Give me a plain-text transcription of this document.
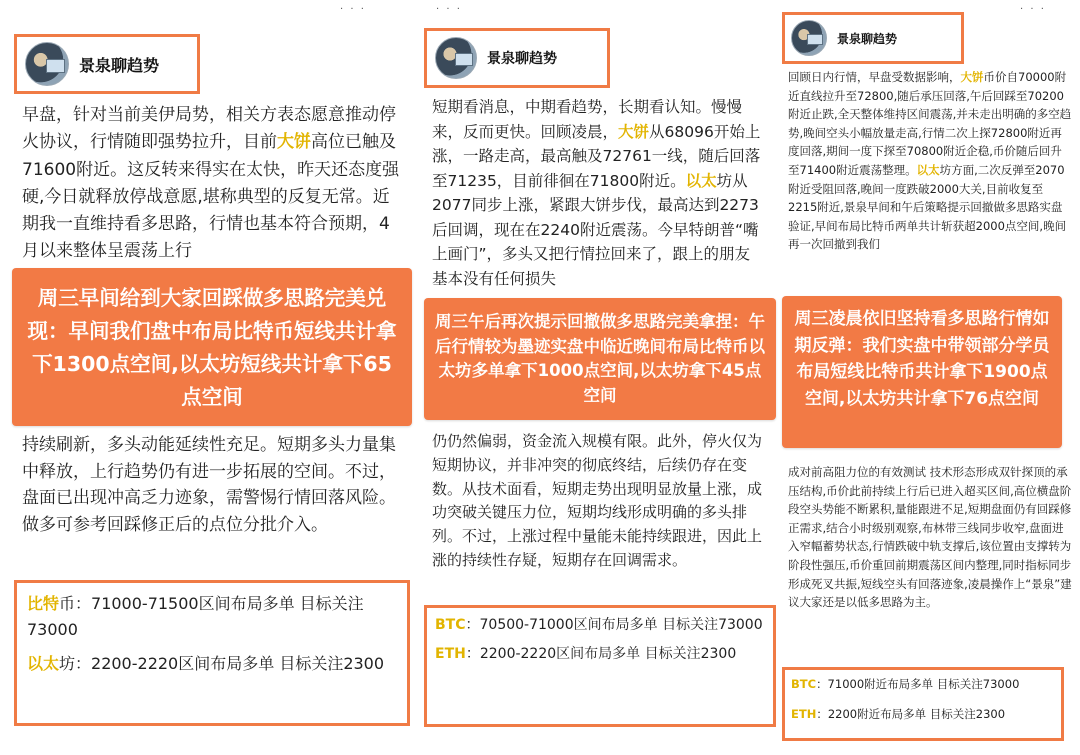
· · ·
景泉聊趋势

早盘，针对当前美伊局势，相关方表态愿意推动停火协议，行情随即强势拉升，目前大饼高位已触及71600附近。这反转来得实在太快，昨天还态度强硬,今日就释放停战意愿,堪称典型的反复无常。近期我一直维持看多思路，行情也基本符合预期，4月以来整体呈震荡上行

周三早间给到大家回踩做多思路完美兑现：早间我们盘中布局比特币短线共计拿下1300点空间,以太坊短线共计拿下65点空间

持续刷新，多头动能延续性充足。短期多头力量集中释放，上行趋势仍有进一步拓展的空间。不过，盘面已出现冲高乏力迹象，需警惕行情回落风险。做多可参考回踩修正后的点位分批介入。

比特币：71000-71500区间布局多单 目标关注73000

以太坊：2200-2220区间布局多单 目标关注2300

· · ·
景泉聊趋势

短期看消息，中期看趋势，长期看认知。慢慢来，反而更快。回顾凌晨，大饼从68096开始上涨，一路走高，最高触及72761一线，随后回落至71235，目前徘徊在71800附近。以太坊从2077同步上涨，紧跟大饼步伐，最高达到2273后回调，现在在2240附近震荡。今早特朗普“嘴上画门”，多头又把行情拉回来了，跟上的朋友基本没有任何损失

周三午后再次提示回撤做多思路完美拿捏：午后行情较为墨迹实盘中临近晚间布局比特币以太坊多单拿下1000点空间,以太坊拿下45点空间

仍仍然偏弱，资金流入规模有限。此外，停火仅为短期协议，并非冲突的彻底终结，后续仍存在变数。从技术面看，短期走势出现明显放量上涨，成功突破关键压力位，短期均线形成明确的多头排列。不过，上涨过程中量能未能持续跟进，因此上涨的持续性存疑，短期存在回调需求。

BTC：70500-71000区间布局多单 目标关注73000

ETH：2200-2220区间布局多单 目标关注2300

· · ·
景泉聊趋势

回顾日内行情，早盘受数据影响，大饼币价自70000附近直线拉升至72800,随后承压回落,午后回踩至70200附近止跌,全天整体维持区间震荡,并未走出明确的多空趋势,晚间空头小幅放量走高,行情二次上探72800附近再度回落,期间一度下探至70800附近企稳,币价随后回升至71400附近震荡整理。以太坊方面,二次反弹至2070附近受阻回落,晚间一度跌破2000大关,目前收复至2215附近,景泉早间和午后策略提示回撤做多思路实盘验证,早间布局比特币两单共计斩获超2000点空间,晚间再一次回撤到我们

周三凌晨依旧坚持看多思路行情如期反弹：我们实盘中带领部分学员布局短线比特币共计拿下1900点空间,以太坊共计拿下76点空间

成对前高阻力位的有效测试 技术形态形成双针探顶的承压结构,币价此前持续上行后已进入超买区间,高位横盘阶段空头势能不断累积,量能跟进不足,短期盘面仍有回踩修正需求,结合小时级别观察,布林带三线同步收窄,盘面进入窄幅蓄势状态,行情跌破中轨支撑后,该位置由支撑转为阶段性强压,币价重回前期震荡区间内整理,同时指标同步形成死叉共振,短线空头有回落迹象,凌晨操作上“景泉”建议大家还是以低多思路为主。

BTC：71000附近布局多单 目标关注73000

ETH：2200附近布局多单 目标关注2300
